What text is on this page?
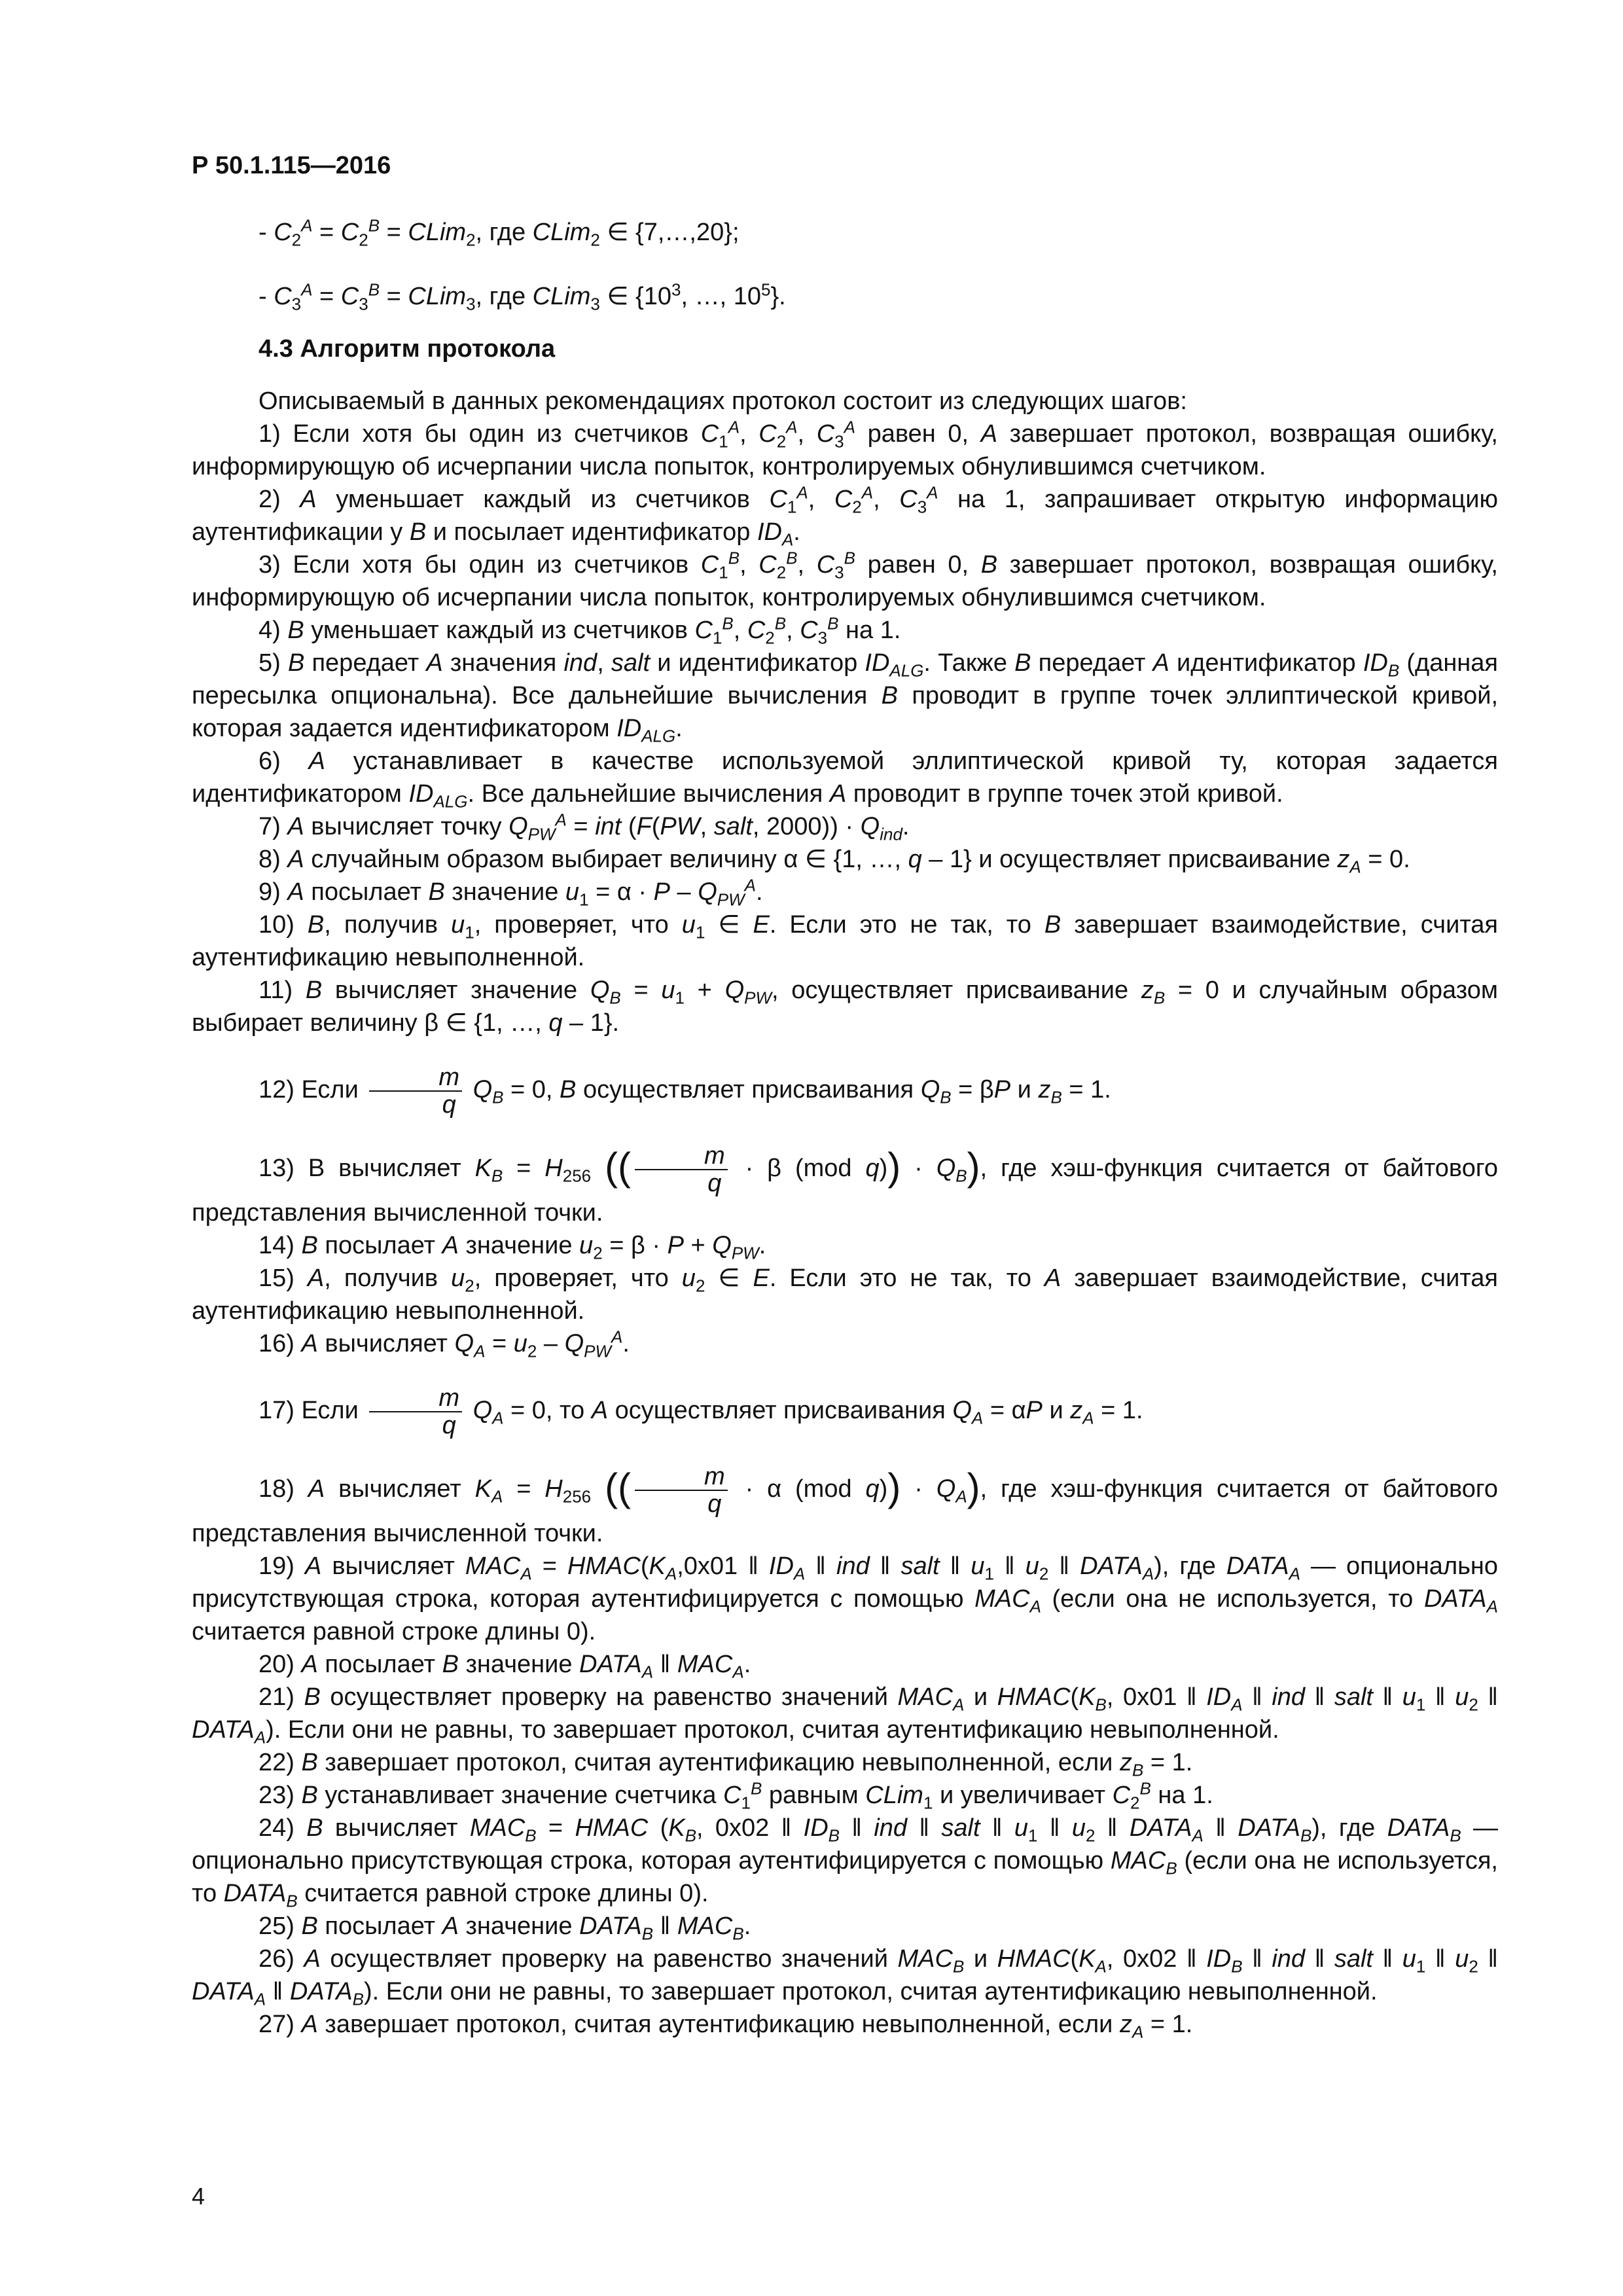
Р 50.1.115—2016

- $C_2^A = C_2^B$ = CLim$_2$, где CLim$_2$ ∈ {7,…,20};

- $C_3^A = C_3^B$ = CLim$_3$, где CLim$_3$ ∈ {$10^3$, …, $10^5$}.

4.3 Алгоритм протокола

Описываемый в данных рекомендациях протокол состоит из следующих шагов:

1) Если хотя бы один из счетчиков $C_1^A$, $C_2^A$, $C_3^A$ равен 0, A завершает протокол, возвращая ошибку, информирующую об исчерпании числа попыток, контролируемых обнулившимся счетчиком.

2) A уменьшает каждый из счетчиков $C_1^A$, $C_2^A$, $C_3^A$ на 1, запрашивает открытую информацию аутентификации у B и посылает идентификатор $ID_A$.

3) Если хотя бы один из счетчиков $C_1^B$, $C_2^B$, $C_3^B$ равен 0, B завершает протокол, возвращая ошибку, информирующую об исчерпании числа попыток, контролируемых обнулившимся счетчиком.

4) B уменьшает каждый из счетчиков $C_1^B$, $C_2^B$, $C_3^B$ на 1.

5) B передает A значения ind, salt и идентификатор $ID_{ALG}$. Также B передает A идентификатор $ID_B$ (данная пересылка опциональна). Все дальнейшие вычисления B проводит в группе точек эллиптической кривой, которая задается идентификатором $ID_{ALG}$.

6) A устанавливает в качестве используемой эллиптической кривой ту, которая задается идентификатором $ID_{ALG}$. Все дальнейшие вычисления A проводит в группе точек этой кривой.

7) A вычисляет точку $Q_{PW}^A$ = int (F(PW, salt, $2000)) \cdot Q_{ind}$.

8) A случайным образом выбирает величину α ∈ {1, …, q – 1} и осуществляет присваивание $z_A = 0$.

9) A посылает B значение $u_1 = \alpha \cdot P - Q_{PW}^A$.

10) B, получив $u_1$, проверяет, что $u_1$ ∈ E. Если это не так, то B завершает взаимодействие, считая аутентификацию невыполненной.

11) B вычисляет значение $Q_B = u_1 + Q_{PW}$, осуществляет присваивание $z_B = 0$ и случайным образом выбирает величину β ∈ {1, …, q – 1}.

12) Если $\frac{m}{q} Q_B = 0$, B осуществляет присваивания $Q_B = \beta P$ и $z_B = 1$.

13) В вычисляет $K_B = H_{256}$ (( $\frac{m}{q} \cdot \beta$ (mod $q)) \cdot Q_B$), где хэш-функция считается от байтового представления вычисленной точки.

14) B посылает A значение $u_2 = \beta \cdot P + Q_{PW}$.

15) A, получив $u_2$, проверяет, что $u_2$ ∈ E. Если это не так, то A завершает взаимодействие, считая аутентификацию невыполненной.

16) A вычисляет $Q_A = u_2 - Q_{PW}^A$.

17) Если $\frac{m}{q} Q_A = 0$, то A осуществляет присваивания $Q_A = \alpha P$ и $z_A = 1$.

18) A вычисляет $K_A = H_{256}$ (( $\frac{m}{q} \cdot \alpha$ (mod $q)) \cdot Q_A$), где хэш-функция считается от байтового представления вычисленной точки.

19) A вычисляет $MAC_A$ = $HMAC(K_A,0x01$ ‖ $ID_A$ ‖ ind ‖ salt ‖ $u_1$ ‖ $u_2$ ‖ $DATA_A$), где $DATA_A$ — опционально присутствующая строка, которая аутентифицируется с помощью $MAC_A$ (если она не используется, то $DATA_A$ считается равной строке длины 0).

20) A посылает B значение $DATA_A$ ‖ $MAC_A$.

21) B осуществляет проверку на равенство значений $MAC_A$ и $HMAC(K_B$, 0x01 ‖ $ID_A$ ‖ ind ‖ salt ‖ $u_1$ ‖ $u_2$ ‖ $DATA_A$). Если они не равны, то завершает протокол, считая аутентификацию невыполненной.

22) B завершает протокол, считая аутентификацию невыполненной, если $z_B = 1$.

23) B устанавливает значение счетчика $C_1^B$ равным CLim$_1$ и увеличивает $C_2^B$ на 1.

24) B вычисляет $MAC_B$ = HMAC ($K_B$, 0x02 ‖ $ID_B$ ‖ ind ‖ salt ‖ $u_1$ ‖ $u_2$ ‖ $DATA_A$ ‖ $DATA_B$), где $DATA_B$ — опционально присутствующая строка, которая аутентифицируется с помощью $MAC_B$ (если она не используется, то $DATA_B$ считается равной строке длины 0).

25) B посылает A значение $DATA_B$ ‖ $MAC_B$.

26) A осуществляет проверку на равенство значений $MAC_B$ и $HMAC(K_A$, 0x02 ‖ $ID_B$ ‖ ind ‖ salt ‖ $u_1$ ‖ $u_2$ ‖ $DATA_A$ ‖ $DATA_B$). Если они не равны, то завершает протокол, считая аутентификацию невыполненной.

27) A завершает протокол, считая аутентификацию невыполненной, если $z_A = 1$.

4
